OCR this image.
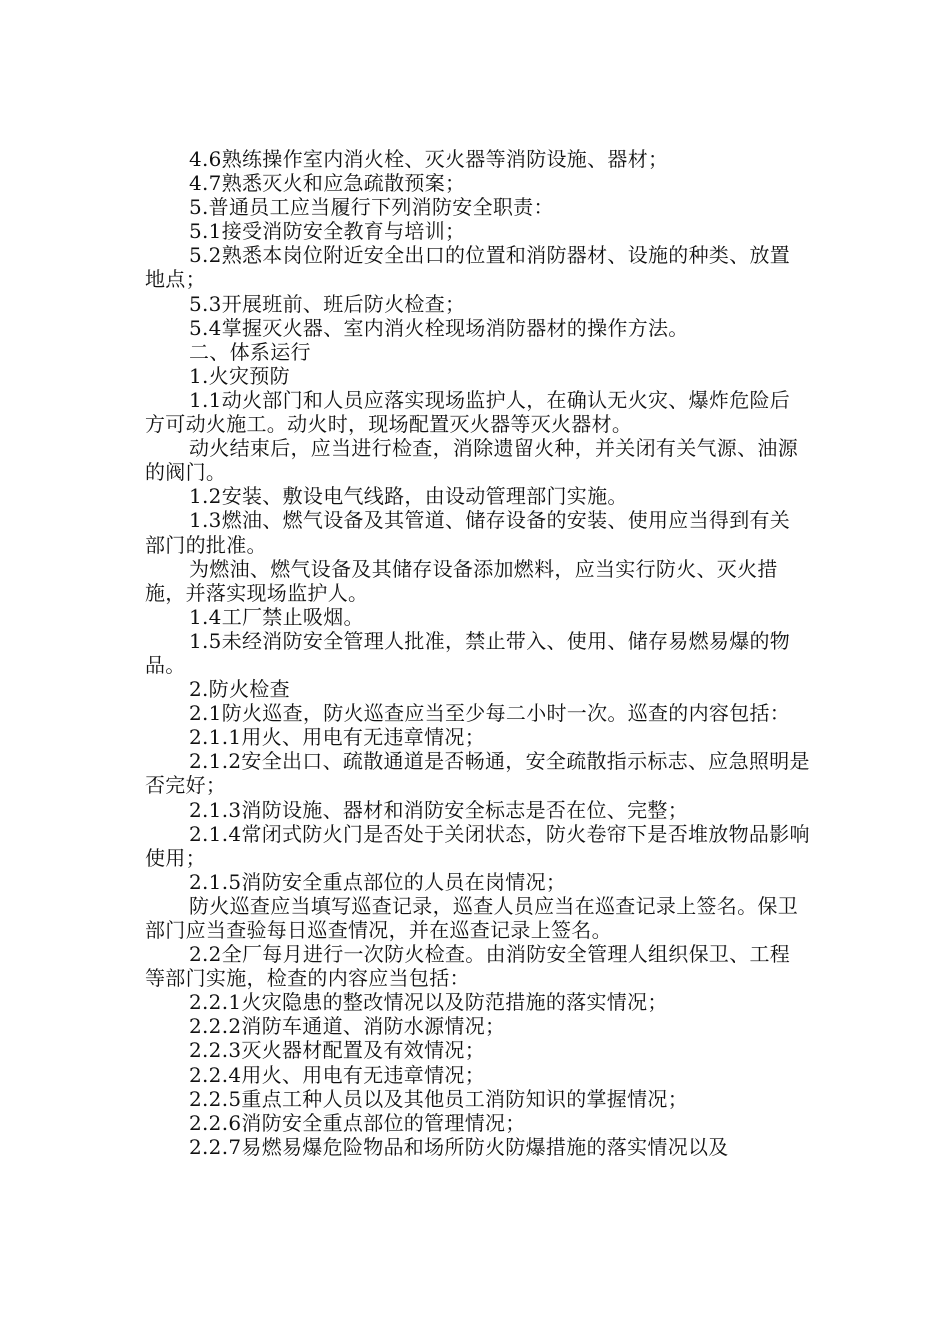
4.6熟练操作室内消火栓、灭火器等消防设施、器材；

4.7熟悉灭火和应急疏散预案；

5.普通员工应当履行下列消防安全职责：

5.1接受消防安全教育与培训；

5.2熟悉本岗位附近安全出口的位置和消防器材、设施的种类、放置地点；

5.3开展班前、班后防火检查；

5.4掌握灭火器、室内消火栓现场消防器材的操作方法。

二、体系运行

1.火灾预防

1.1动火部门和人员应落实现场监护人，在确认无火灾、爆炸危险后方可动火施工。动火时，现场配置灭火器等灭火器材。

动火结束后，应当进行检查，消除遗留火种，并关闭有关气源、油源的阀门。

1.2安装、敷设电气线路，由设动管理部门实施。

1.3燃油、燃气设备及其管道、储存设备的安装、使用应当得到有关部门的批准。

为燃油、燃气设备及其储存设备添加燃料，应当实行防火、灭火措施，并落实现场监护人。

1.4工厂禁止吸烟。

1.5未经消防安全管理人批准，禁止带入、使用、储存易燃易爆的物品。

2.防火检查

2.1防火巡查，防火巡查应当至少每二小时一次。巡查的内容包括：

2.1.1用火、用电有无违章情况；

2.1.2安全出口、疏散通道是否畅通，安全疏散指示标志、应急照明是否完好；

2.1.3消防设施、器材和消防安全标志是否在位、完整；

2.1.4常闭式防火门是否处于关闭状态，防火卷帘下是否堆放物品影响使用；

2.1.5消防安全重点部位的人员在岗情况；

防火巡查应当填写巡查记录，巡查人员应当在巡查记录上签名。保卫部门应当查验每日巡查情况，并在巡查记录上签名。

2.2全厂每月进行一次防火检查。由消防安全管理人组织保卫、工程等部门实施，检查的内容应当包括：

2.2.1火灾隐患的整改情况以及防范措施的落实情况；

2.2.2消防车通道、消防水源情况；

2.2.3灭火器材配置及有效情况；

2.2.4用火、用电有无违章情况；

2.2.5重点工种人员以及其他员工消防知识的掌握情况；

2.2.6消防安全重点部位的管理情况；

2.2.7易燃易爆危险物品和场所防火防爆措施的落实情况以及
